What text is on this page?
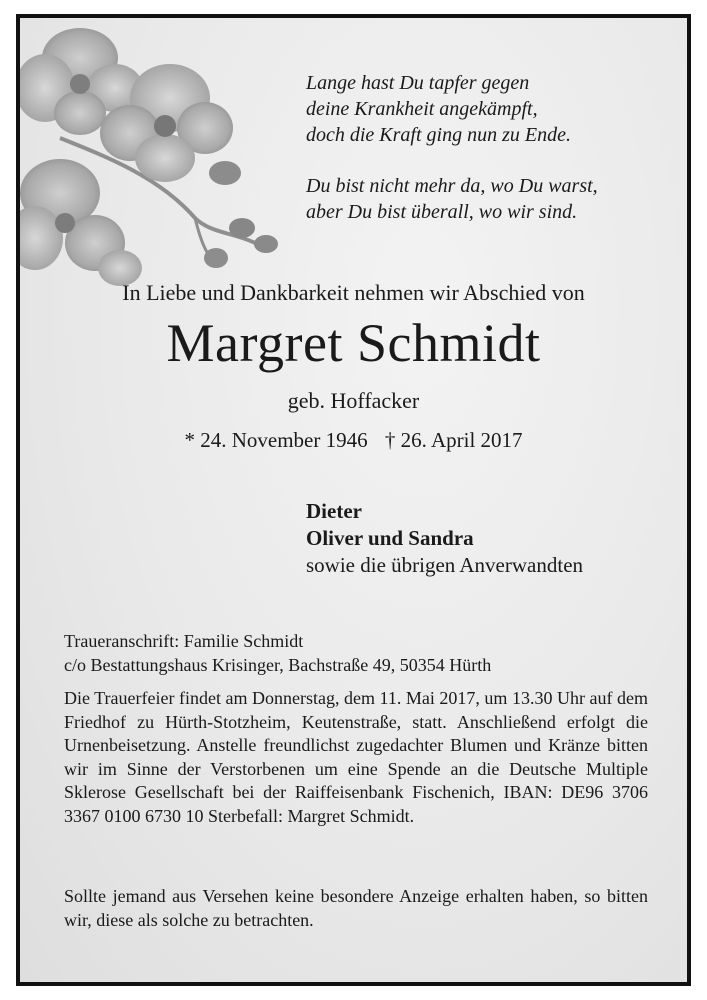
Lange hast Du tapfer gegen
deine Krankheit angekämpft,
doch die Kraft ging nun zu Ende.
Du bist nicht mehr da, wo Du warst,
aber Du bist überall, wo wir sind.
In Liebe und Dankbarkeit nehmen wir Abschied von
Margret Schmidt
geb. Hoffacker
* 24. November 1946 † 26. April 2017
Dieter
Oliver und Sandra
sowie die übrigen Anverwandten
Traueranschrift: Familie Schmidt
c/o Bestattungshaus Krisinger, Bachstraße 49, 50354 Hürth
Die Trauerfeier findet am Donnerstag, dem 11. Mai 2017, um 13.30 Uhr auf dem Friedhof zu Hürth-Stotzheim, Keutenstraße, statt. Anschließend erfolgt die Urnenbeisetzung. Anstelle freundlichst zugedachter Blumen und Kränze bitten wir im Sinne der Verstorbenen um eine Spende an die Deutsche Multiple Sklerose Gesellschaft bei der Raiffeisenbank Fischenich, IBAN: DE96 3706 3367 0100 6730 10 Sterbefall: Margret Schmidt.
Sollte jemand aus Versehen keine besondere Anzeige erhalten haben, so bitten wir, diese als solche zu betrachten.
